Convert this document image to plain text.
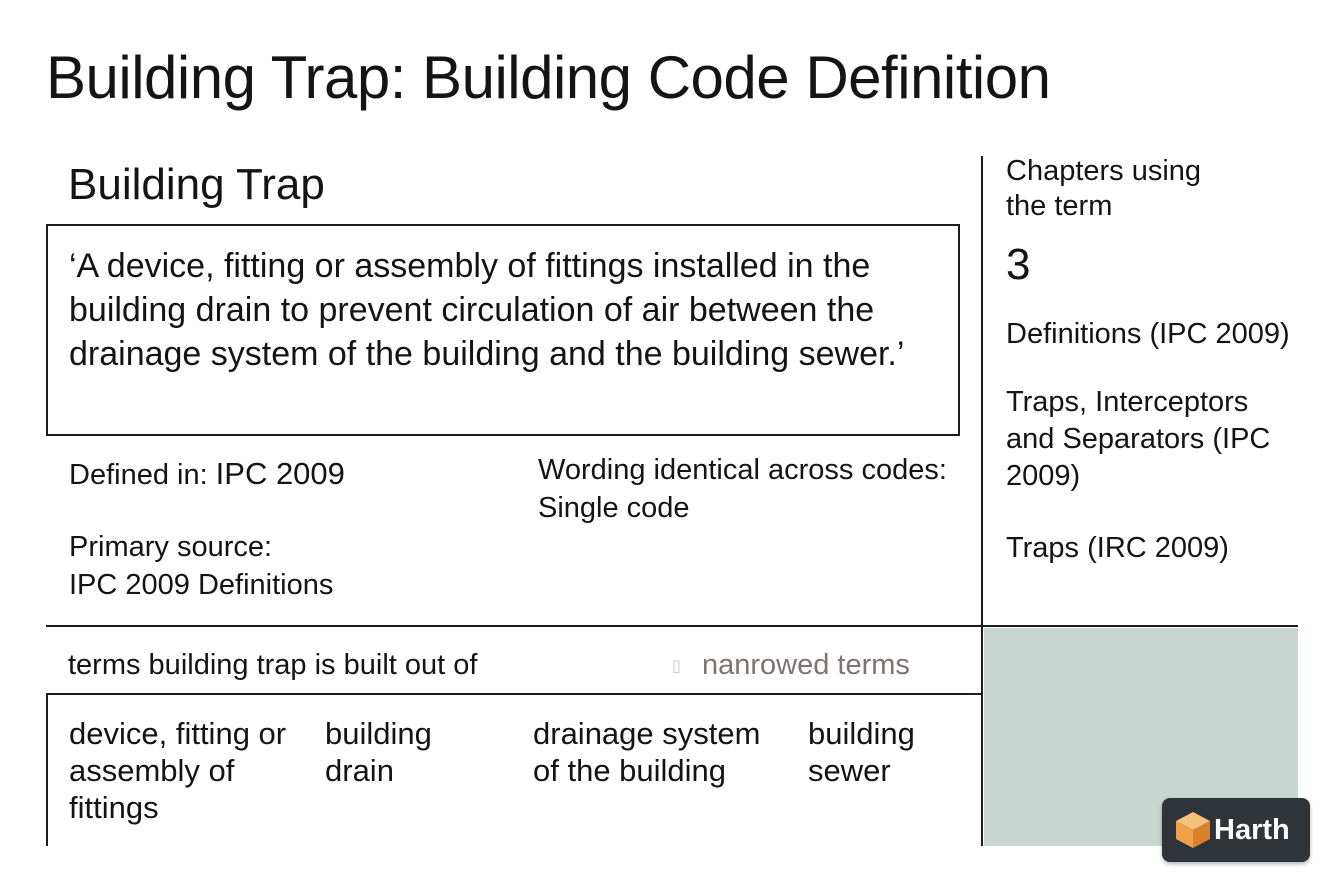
Building Trap: Building Code Definition
Building Trap
‘A device, fitting or assembly of fittings installed in the building drain to prevent circulation of air between the drainage system of the building and the building sewer.’
Defined in: IPC 2009	Wording identical across codes:
Single code
Primary source:
IPC 2009 Definitions
Chapters using the term
3
Definitions (IPC 2009)
Traps, Interceptors and Separators (IPC 2009)
Traps (IRC 2009)
terms building trap is built out of	▯ nanrowed terms
device, fitting or assembly of fittings
building drain
drainage system of the building
building sewer
Harth
